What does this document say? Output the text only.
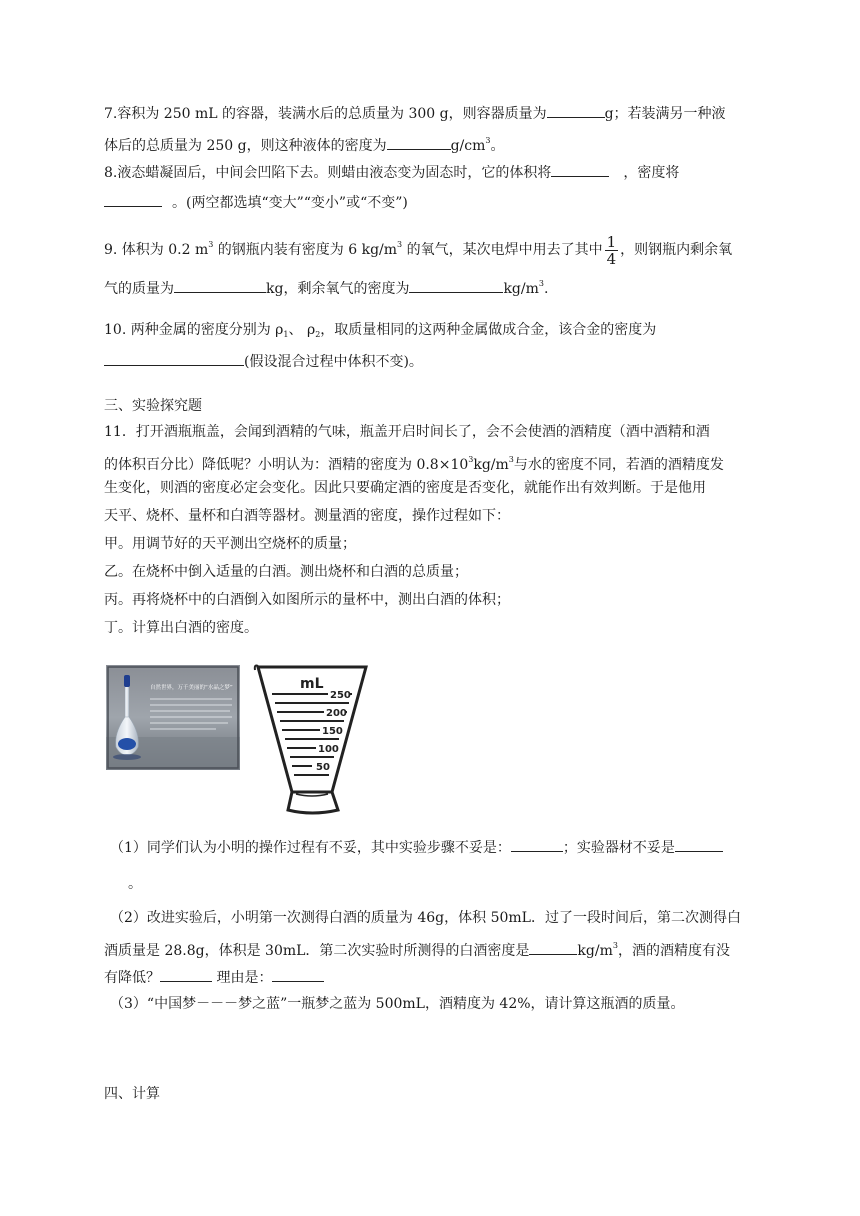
7.容积为 250 mL 的容器，装满水后的总质量为 300 g，则容器质量为	g；若装满另一种液
体后的总质量为 250 g，则这种液体的密度为	$g/cm^3$。
8.液态蜡凝固后，中间会凹陷下去。则蜡由液态变为固态时，它的体积将	，密度将
。(两空都选填“变大”“变小”或“不变”)
9. 体积为 0.2 $m^3$ 的钢瓶内装有密度为 6 $kg/m^3$ 的氧气，某次电焊中用去了其中 $\frac{1}{4}$ ，则钢瓶内剩余氧
气的质量为	kg，剩余氧气的密度为	$kg/m^3$.
10. 两种金属的密度分别为 $\rho_1$、 $\rho_2$，取质量相同的这两种金属做成合金，该合金的密度为
(假设混合过程中体积不变)。
三、实验探究题
11．打开酒瓶瓶盖，会闻到酒精的气味，瓶盖开启时间长了，会不会使酒的酒精度（酒中酒精和酒
的体积百分比）降低呢？小明认为：酒精的密度为 $0.8\times 10^3kg/m^3$与水的密度不同，若酒的酒精度发
生变化，则酒的密度必定会变化。因此只要确定酒的密度是否变化，就能作出有效判断。于是他用
天平、烧杯、量杯和白酒等器材。测量酒的密度，操作过程如下：
甲。用调节好的天平测出空烧杯的质量；
乙。在烧杯中倒入适量的白酒。测出烧杯和白酒的总质量；
丙。再将烧杯中的白酒倒入如图所示的量杯中，测出白酒的体积；
丁。计算出白酒的密度。
自然世界，万千美丽的“水晶之梦”	mL
250
200
150
100
50
（1）同学们认为小明的操作过程有不妥，其中实验步骤不妥是：	；实验器材不妥是
。
（2）改进实验后，小明第一次测得白酒的质量为 46g，体积 50mL．过了一段时间后，第二次测得白
酒质量是 28.8g，体积是 30mL．第二次实验时所测得的白酒密度是	$kg/m^3$，酒的酒精度有没
有降低？	理由是：
（3）“中国梦－－－梦之蓝”一瓶梦之蓝为 500mL，酒精度为 42%，请计算这瓶酒的质量。
四、计算
